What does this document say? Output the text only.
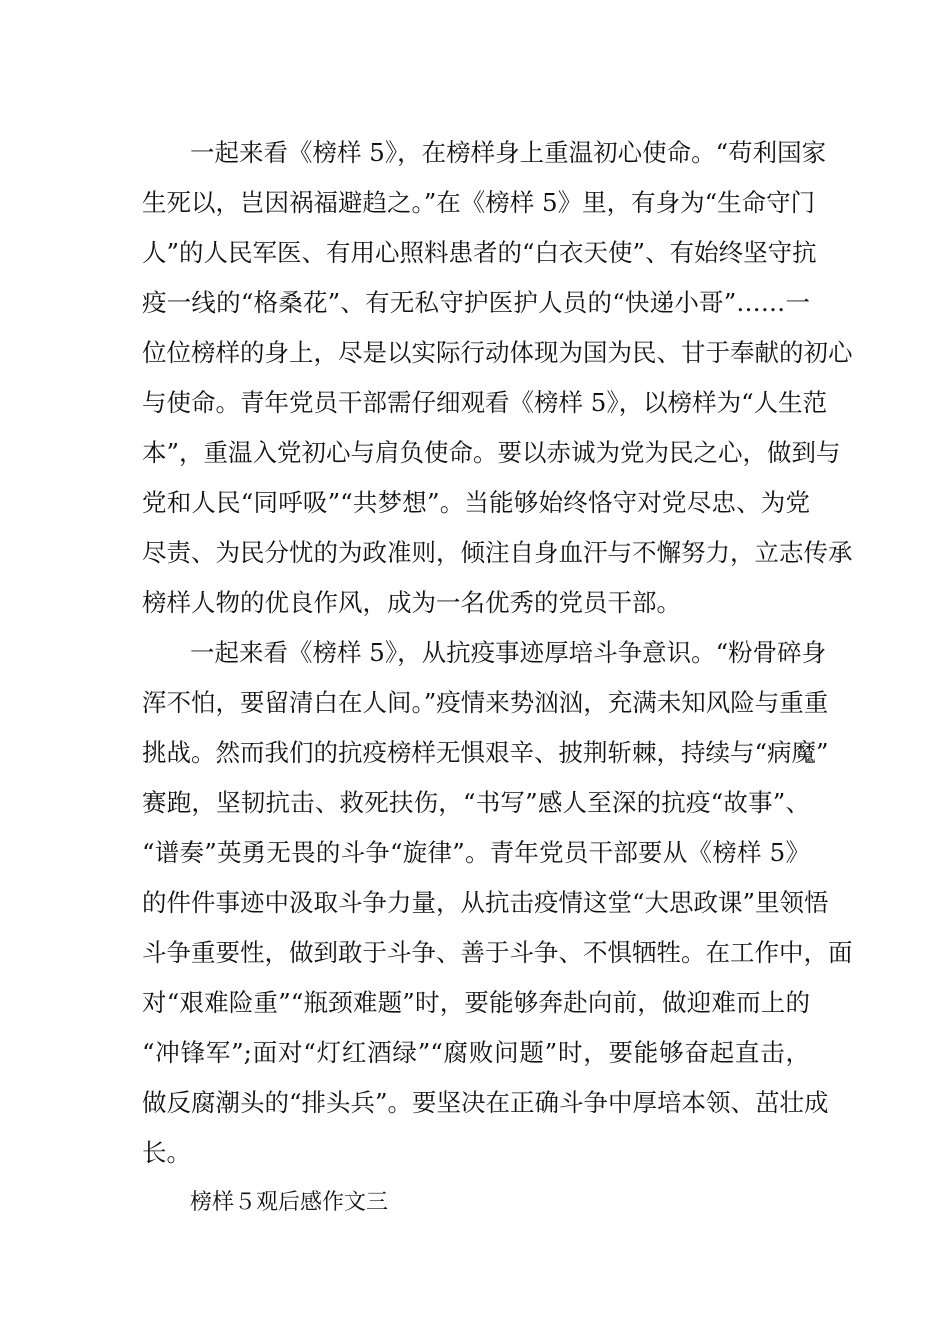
一起来看《榜样 5》，在榜样身上重温初心使命。“苟利国家
生死以，岂因祸福避趋之。”在《榜样 5》里，有身为“生命守门
人”的人民军医、有用心照料患者的“白衣天使”、有始终坚守抗
疫一线的“格桑花”、有无私守护医护人员的“快递小哥”……一
位位榜样的身上，尽是以实际行动体现为国为民、甘于奉献的初心
与使命。青年党员干部需仔细观看《榜样 5》，以榜样为“人生范
本”，重温入党初心与肩负使命。要以赤诚为党为民之心，做到与
党和人民“同呼吸”“共梦想”。当能够始终恪守对党尽忠、为党
尽责、为民分忧的为政准则，倾注自身血汗与不懈努力，立志传承
榜样人物的优良作风，成为一名优秀的党员干部。
一起来看《榜样 5》，从抗疫事迹厚培斗争意识。“粉骨碎身
浑不怕，要留清白在人间。”疫情来势汹汹，充满未知风险与重重
挑战。然而我们的抗疫榜样无惧艰辛、披荆斩棘，持续与“病魔”
赛跑，坚韧抗击、救死扶伤，“书写”感人至深的抗疫“故事”、
“谱奏”英勇无畏的斗争“旋律”。青年党员干部要从《榜样 5》
的件件事迹中汲取斗争力量，从抗击疫情这堂“大思政课”里领悟
斗争重要性，做到敢于斗争、善于斗争、不惧牺牲。在工作中，面
对“艰难险重”“瓶颈难题”时，要能够奔赴向前，做迎难而上的
“冲锋军”;面对“灯红酒绿”“腐败问题”时，要能够奋起直击，
做反腐潮头的“排头兵”。要坚决在正确斗争中厚培本领、茁壮成
长。
榜样５观后感作文三
